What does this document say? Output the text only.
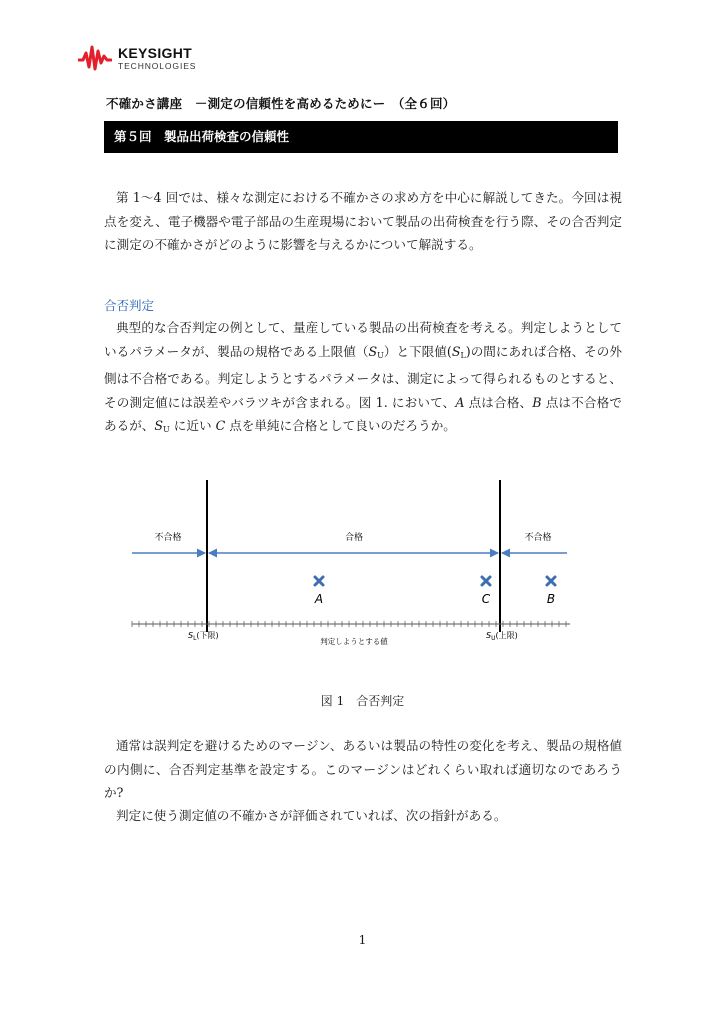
KEYSIGHT
TECHNOLOGIES
不確かさ講座　－測定の信頼性を高めるためにー　（全６回）
第５回　製品出荷検査の信頼性

第 1～4 回では、様々な測定における不確かさの求め方を中心に解説してきた。今回は視点を変え、電子機器や電子部品の生産現場において製品の出荷検査を行う際、その合否判定に測定の不確かさがどのように影響を与えるかについて解説する。

合否判定

典型的な合否判定の例として、量産している製品の出荷検査を考える。判定しようとしているパラメータが、製品の規格である上限値$(S_U)$と下限値$(S_L)$の間にあれば合格、その外側は不合格である。判定しようとするパラメータは、測定によって得られるものとすると、その測定値には誤差やバラツキが含まれる。図 1. において、A 点は合格、B 点は不合格であるが、$S_U$ に近い C 点を単純に合格として良いのだろうか。

不合格	合格	不合格
A	C	B
$S_L$(下限)
判定しようとする値
$S_U$(上限)
図 1　合否判定

通常は誤判定を避けるためのマージン、あるいは製品の特性の変化を考え、製品の規格値の内側に、合否判定基準を設定する。このマージンはどれくらい取れば適切なのであろうか?

判定に使う測定値の不確かさが評価されていれば、次の指針がある。

1
